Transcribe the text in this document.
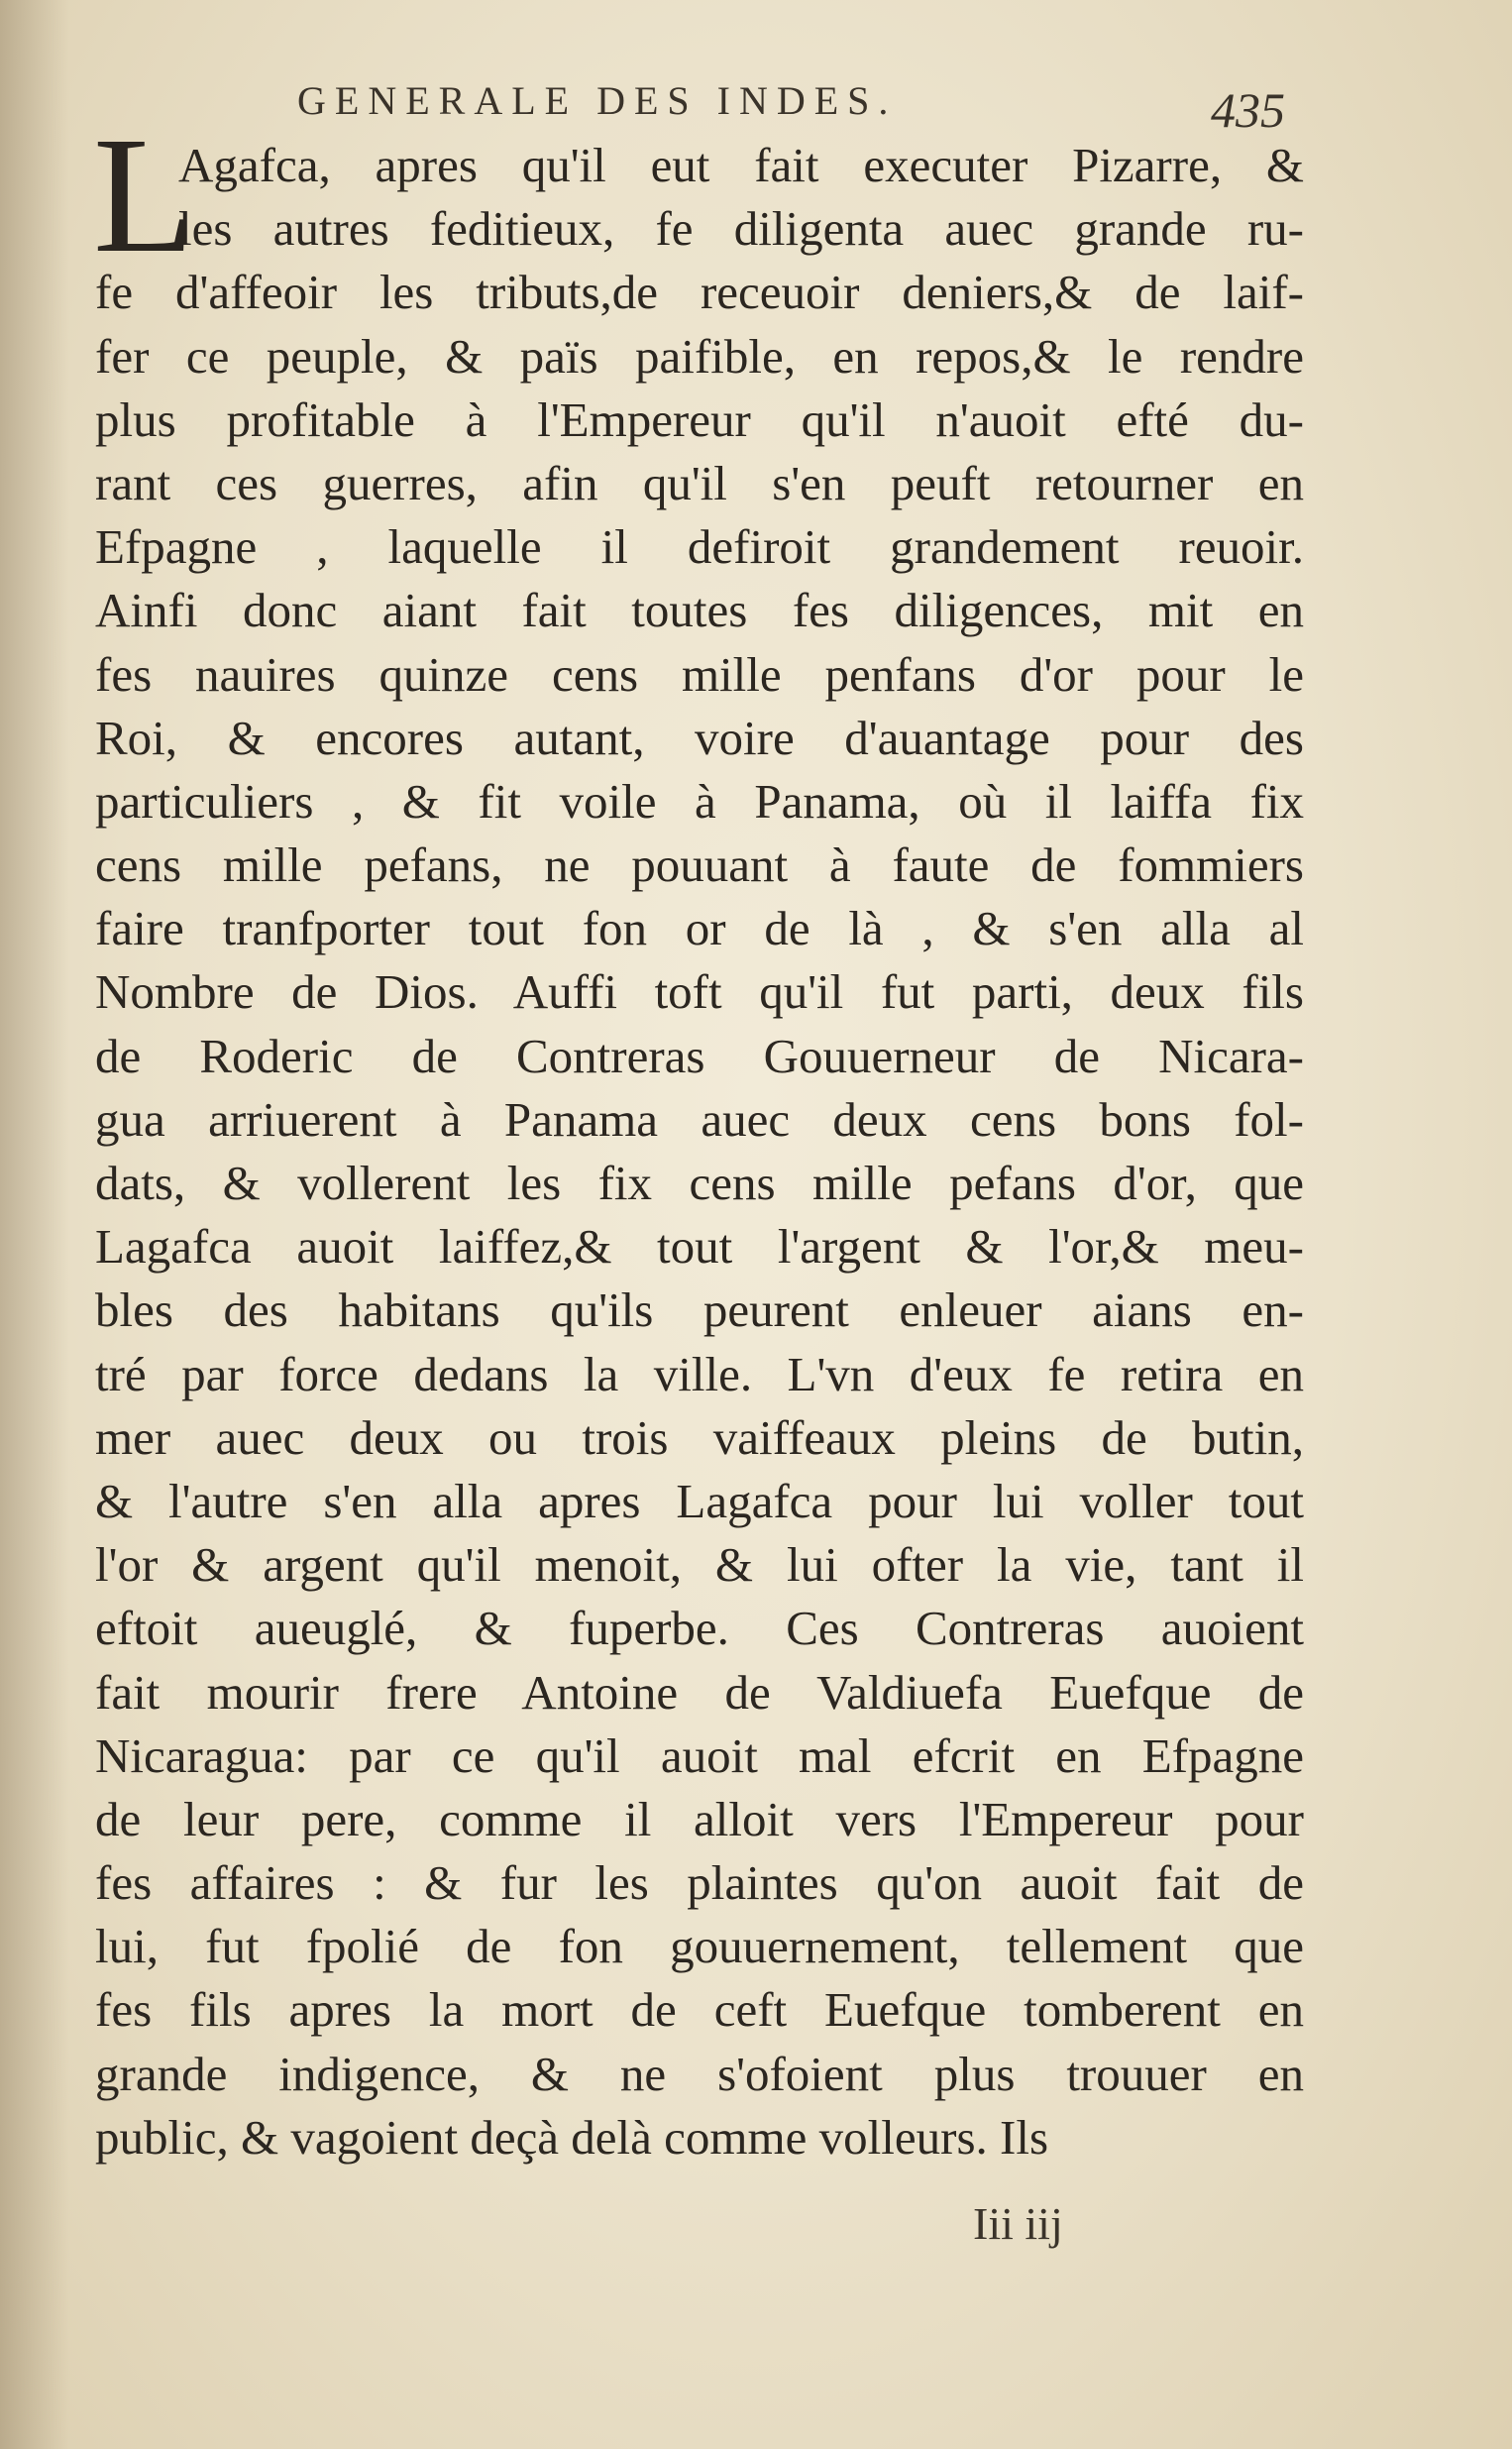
GENERALE DES INDES.	435
L
Agafca, apres qu'il eut fait executer Pizarre, &
les autres feditieux, fe diligenta auec grande ru-
fe d'affeoir les tributs,de receuoir deniers,& de laif-
fer ce peuple, & païs paifible, en repos,& le rendre
plus profitable à l'Empereur qu'il n'auoit efté du-
rant ces guerres, afin qu'il s'en peuft retourner en
Efpagne , laquelle il defiroit grandement reuoir.
Ainfi donc aiant fait toutes fes diligences, mit en
fes nauires quinze cens mille penfans d'or pour le
Roi, & encores autant, voire d'auantage pour des
particuliers , & fit voile à Panama, où il laiffa fix
cens mille pefans, ne pouuant à faute de fommiers
faire tranfporter tout fon or de là , & s'en alla al
Nombre de Dios. Auffi toft qu'il fut parti, deux fils
de Roderic de Contreras Gouuerneur de Nicara-
gua arriuerent à Panama auec deux cens bons fol-
dats, & vollerent les fix cens mille pefans d'or, que
Lagafca auoit laiffez,& tout l'argent & l'or,& meu-
bles des habitans qu'ils peurent enleuer aians en-
tré par force dedans la ville. L'vn d'eux fe retira en
mer auec deux ou trois vaiffeaux pleins de butin,
& l'autre s'en alla apres Lagafca pour lui voller tout
l'or & argent qu'il menoit, & lui ofter la vie, tant il
eftoit aueuglé, & fuperbe. Ces Contreras auoient
fait mourir frere Antoine de Valdiuefa Euefque de
Nicaragua: par ce qu'il auoit mal efcrit en Efpagne
de leur pere, comme il alloit vers l'Empereur pour
fes affaires : & fur les plaintes qu'on auoit fait de
lui, fut fpolié de fon gouuernement, tellement que
fes fils apres la mort de ceft Euefque tomberent en
grande indigence, & ne s'ofoient plus trouuer en
public, & vagoient deçà delà comme volleurs. Ils
Iii iij
